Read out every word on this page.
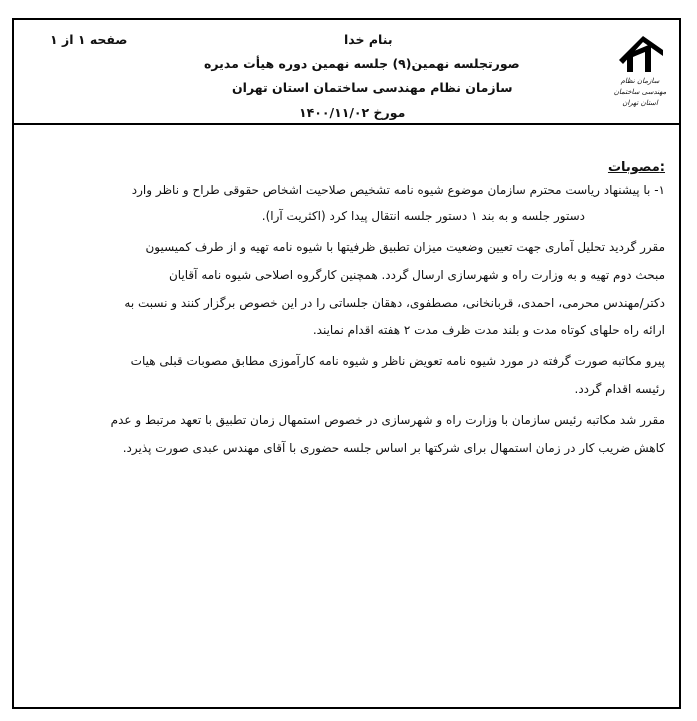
بنام خدا
صفحه ۱ از ۱
صورتجلسه نهمین(۹) جلسه نهمین دوره هیأت مدیره
سازمان نظام مهندسی ساختمان استان تهران
مورخ ۱۴۰۰/۱۱/۰۲
سازمان نظام مهندسی ساختمان
استان تهران
مصوبات:
۱- با پیشنهاد ریاست محترم سازمان موضوع شیوه نامه تشخیص صلاحیت اشخاص حقوقی طراح و ناظر وارد
دستور جلسه و به بند ۱ دستور جلسه انتقال پیدا کرد (اکثریت آرا).
مقرر گردید تحلیل آماری جهت تعیین وضعیت میزان تطبیق ظرفیتها با شیوه نامه تهیه و از طرف کمیسیون
مبحث دوم تهیه و به وزارت راه و شهرسازی ارسال گردد. همچنین کارگروه اصلاحی شیوه نامه آقایان
دکتر/مهندس محرمی، احمدی، قربانخانی، مصطفوی، دهقان جلساتی را در این خصوص برگزار کنند و نسبت به
ارائه راه حلهای کوتاه مدت و بلند مدت ظرف مدت ۲ هفته اقدام نمایند.
پیرو مکاتبه صورت گرفته در مورد شیوه نامه تعویض ناظر و شیوه نامه کارآموزی مطابق مصوبات قبلی هیات
رئیسه اقدام گردد.
مقرر شد مکاتبه رئیس سازمان با وزارت راه و شهرسازی در خصوص استمهال زمان تطبیق با تعهد مرتبط و عدم
کاهش ضریب کار در زمان استمهال برای شرکتها بر اساس جلسه حضوری با آقای مهندس عبدی صورت پذیرد.
